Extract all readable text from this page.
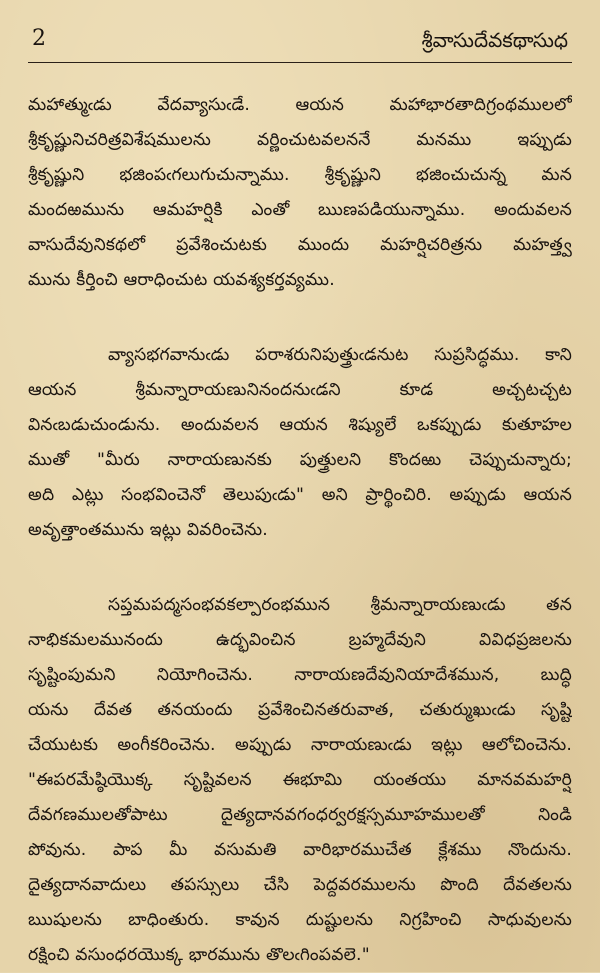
2	శ్రీవాసుదేవకథాసుధ
మహాత్ముఁడు వేదవ్యాసుఁడే. ఆయన మహాభారతాదిగ్రంథములలో
శ్రీకృష్ణునిచరిత్రవిశేషములను వర్ణించుటవలననే మనము ఇప్పుడు
శ్రీకృష్ణుని భజింపఁగలుగుచున్నాము. శ్రీకృష్ణుని భజించుచున్న మన
మందఱమును ఆమహర్షికి ఎంతో ఋణపడియున్నాము. అందువలన
వాసుదేవునికథలో ప్రవేశించుటకు ముందు మహర్షిచరిత్రను మహత్త్వ
మును కీర్తించి ఆరాధించుట యవశ్యకర్తవ్యము.
వ్యాసభగవానుఁడు పరాశరునిపుత్త్రుఁడనుట సుప్రసిద్ధము. కాని
ఆయన శ్రీమన్నారాయణునినందనుఁడని కూడ అచ్చటచ్చట
వినఁబడుచుండును. అందువలన ఆయన శిష్యులే ఒకప్పుడు కుతూహల
ముతో "మీరు నారాయణునకు పుత్త్రులని కొందఱు చెప్పుచున్నారు;
అది ఎట్లు సంభవించెనో తెలుపుఁడు" అని ప్రార్థించిరి. అప్పుడు ఆయన
అవృత్తాంతమును ఇట్లు వివరించెను.
సప్తమపద్మసంభవకల్పారంభమున శ్రీమన్నారాయణుఁడు తన
నాభికమలమునందు ఉద్భవించిన బ్రహ్మదేవుని వివిధప్రజలను
సృష్టింపుమని నియోగించెను. నారాయణదేవునియాదేశమున, బుద్ధి
యను దేవత తనయందు ప్రవేశించినతరువాత, చతుర్ముఖుఁడు సృష్టి
చేయుటకు అంగీకరించెను. అప్పుడు నారాయణుఁడు ఇట్లు ఆలోచించెను.
"ఈపరమేష్ఠియొక్క సృష్టివలన ఈభూమి యంతయు మానవమహర్షి
దేవగణములతోపాటు దైత్యదానవగంధర్వరక్షస్సమూహములతో నిండి
పోవును. పాప మీ వసుమతి వారిభారముచేత క్లేశము నొందును.
దైత్యదానవాదులు తపస్సులు చేసి పెద్దవరములను పొంది దేవతలను
ఋషులను బాధింతురు. కావున దుష్టులను నిగ్రహించి సాధువులను
రక్షించి వసుంధరయొక్క భారమును తొలఁగింపవలె."
